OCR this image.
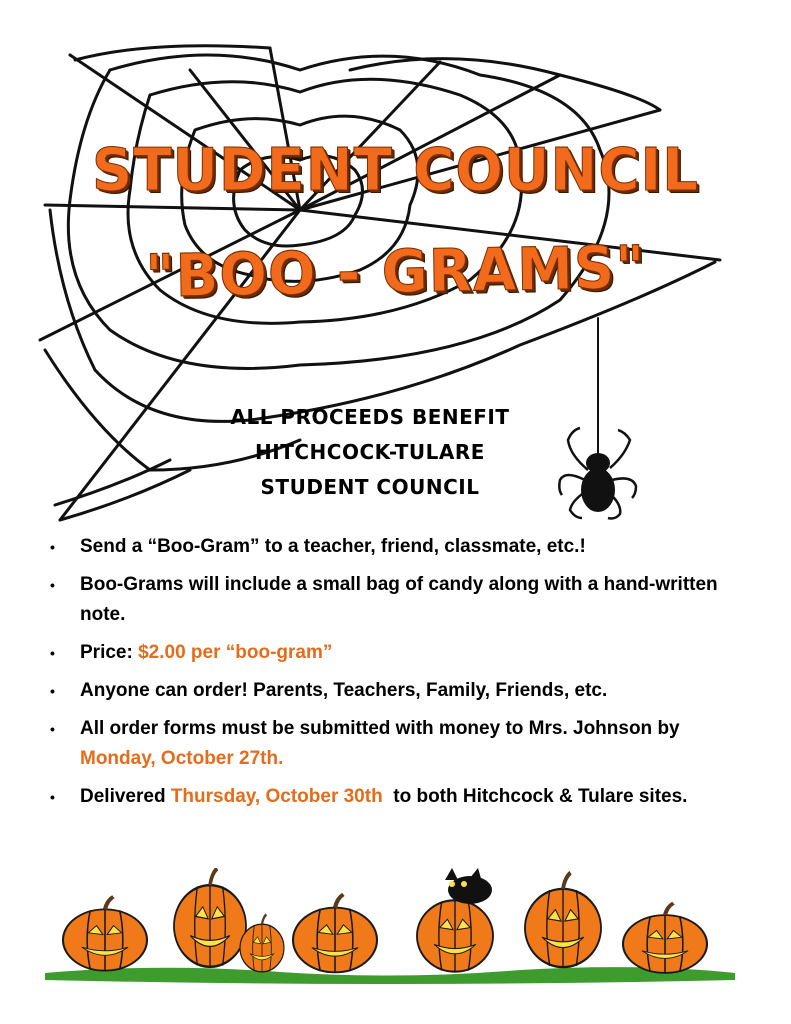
STUDENT COUNCIL
"BOO - GRAMS"
ALL PROCEEDS BENEFIT
HITCHCOCK-TULARE
STUDENT COUNCIL
• Send a “Boo-Gram” to a teacher, friend, classmate, etc.!
• Boo-Grams will include a small bag of candy along with a hand-written note.
• Price: $2.00 per “boo-gram”
• Anyone can order! Parents, Teachers, Family, Friends, etc.
• All order forms must be submitted with money to Mrs. Johnson by Monday, October 27th.
• Delivered Thursday, October 30th  to both Hitchcock & Tulare sites.
